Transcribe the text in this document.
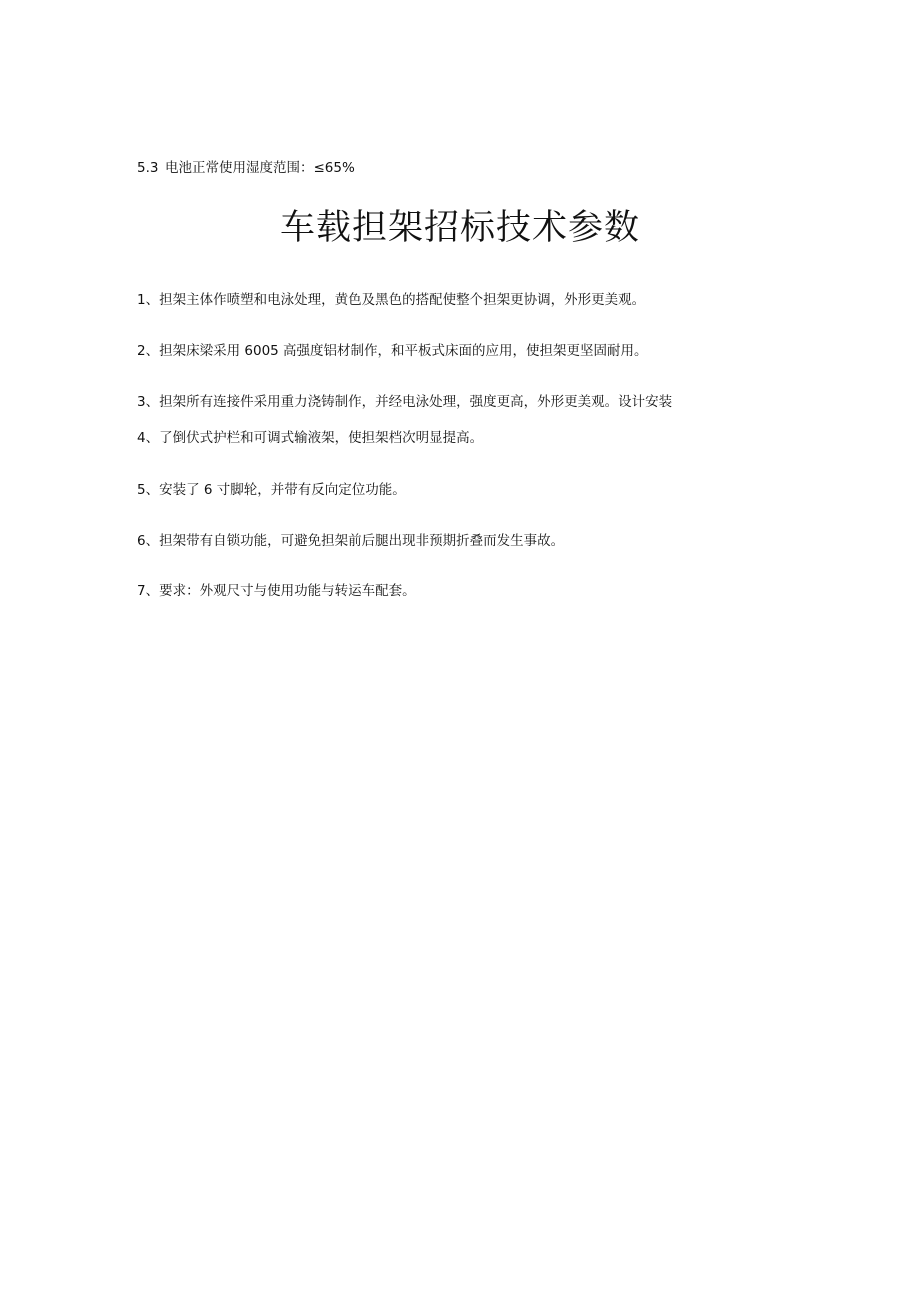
5.3 电池正常使用湿度范围：≤65%
车载担架招标技术参数
1、担架主体作喷塑和电泳处理，黄色及黑色的搭配使整个担架更协调，外形更美观。
2、担架床梁采用 6005 高强度铝材制作，和平板式床面的应用，使担架更坚固耐用。
3、担架所有连接件采用重力浇铸制作，并经电泳处理，强度更高，外形更美观。设计安装
4、了倒伏式护栏和可调式输液架，使担架档次明显提高。
5、安装了 6 寸脚轮，并带有反向定位功能。
6、担架带有自锁功能，可避免担架前后腿出现非预期折叠而发生事故。
7、要求：外观尺寸与使用功能与转运车配套。
